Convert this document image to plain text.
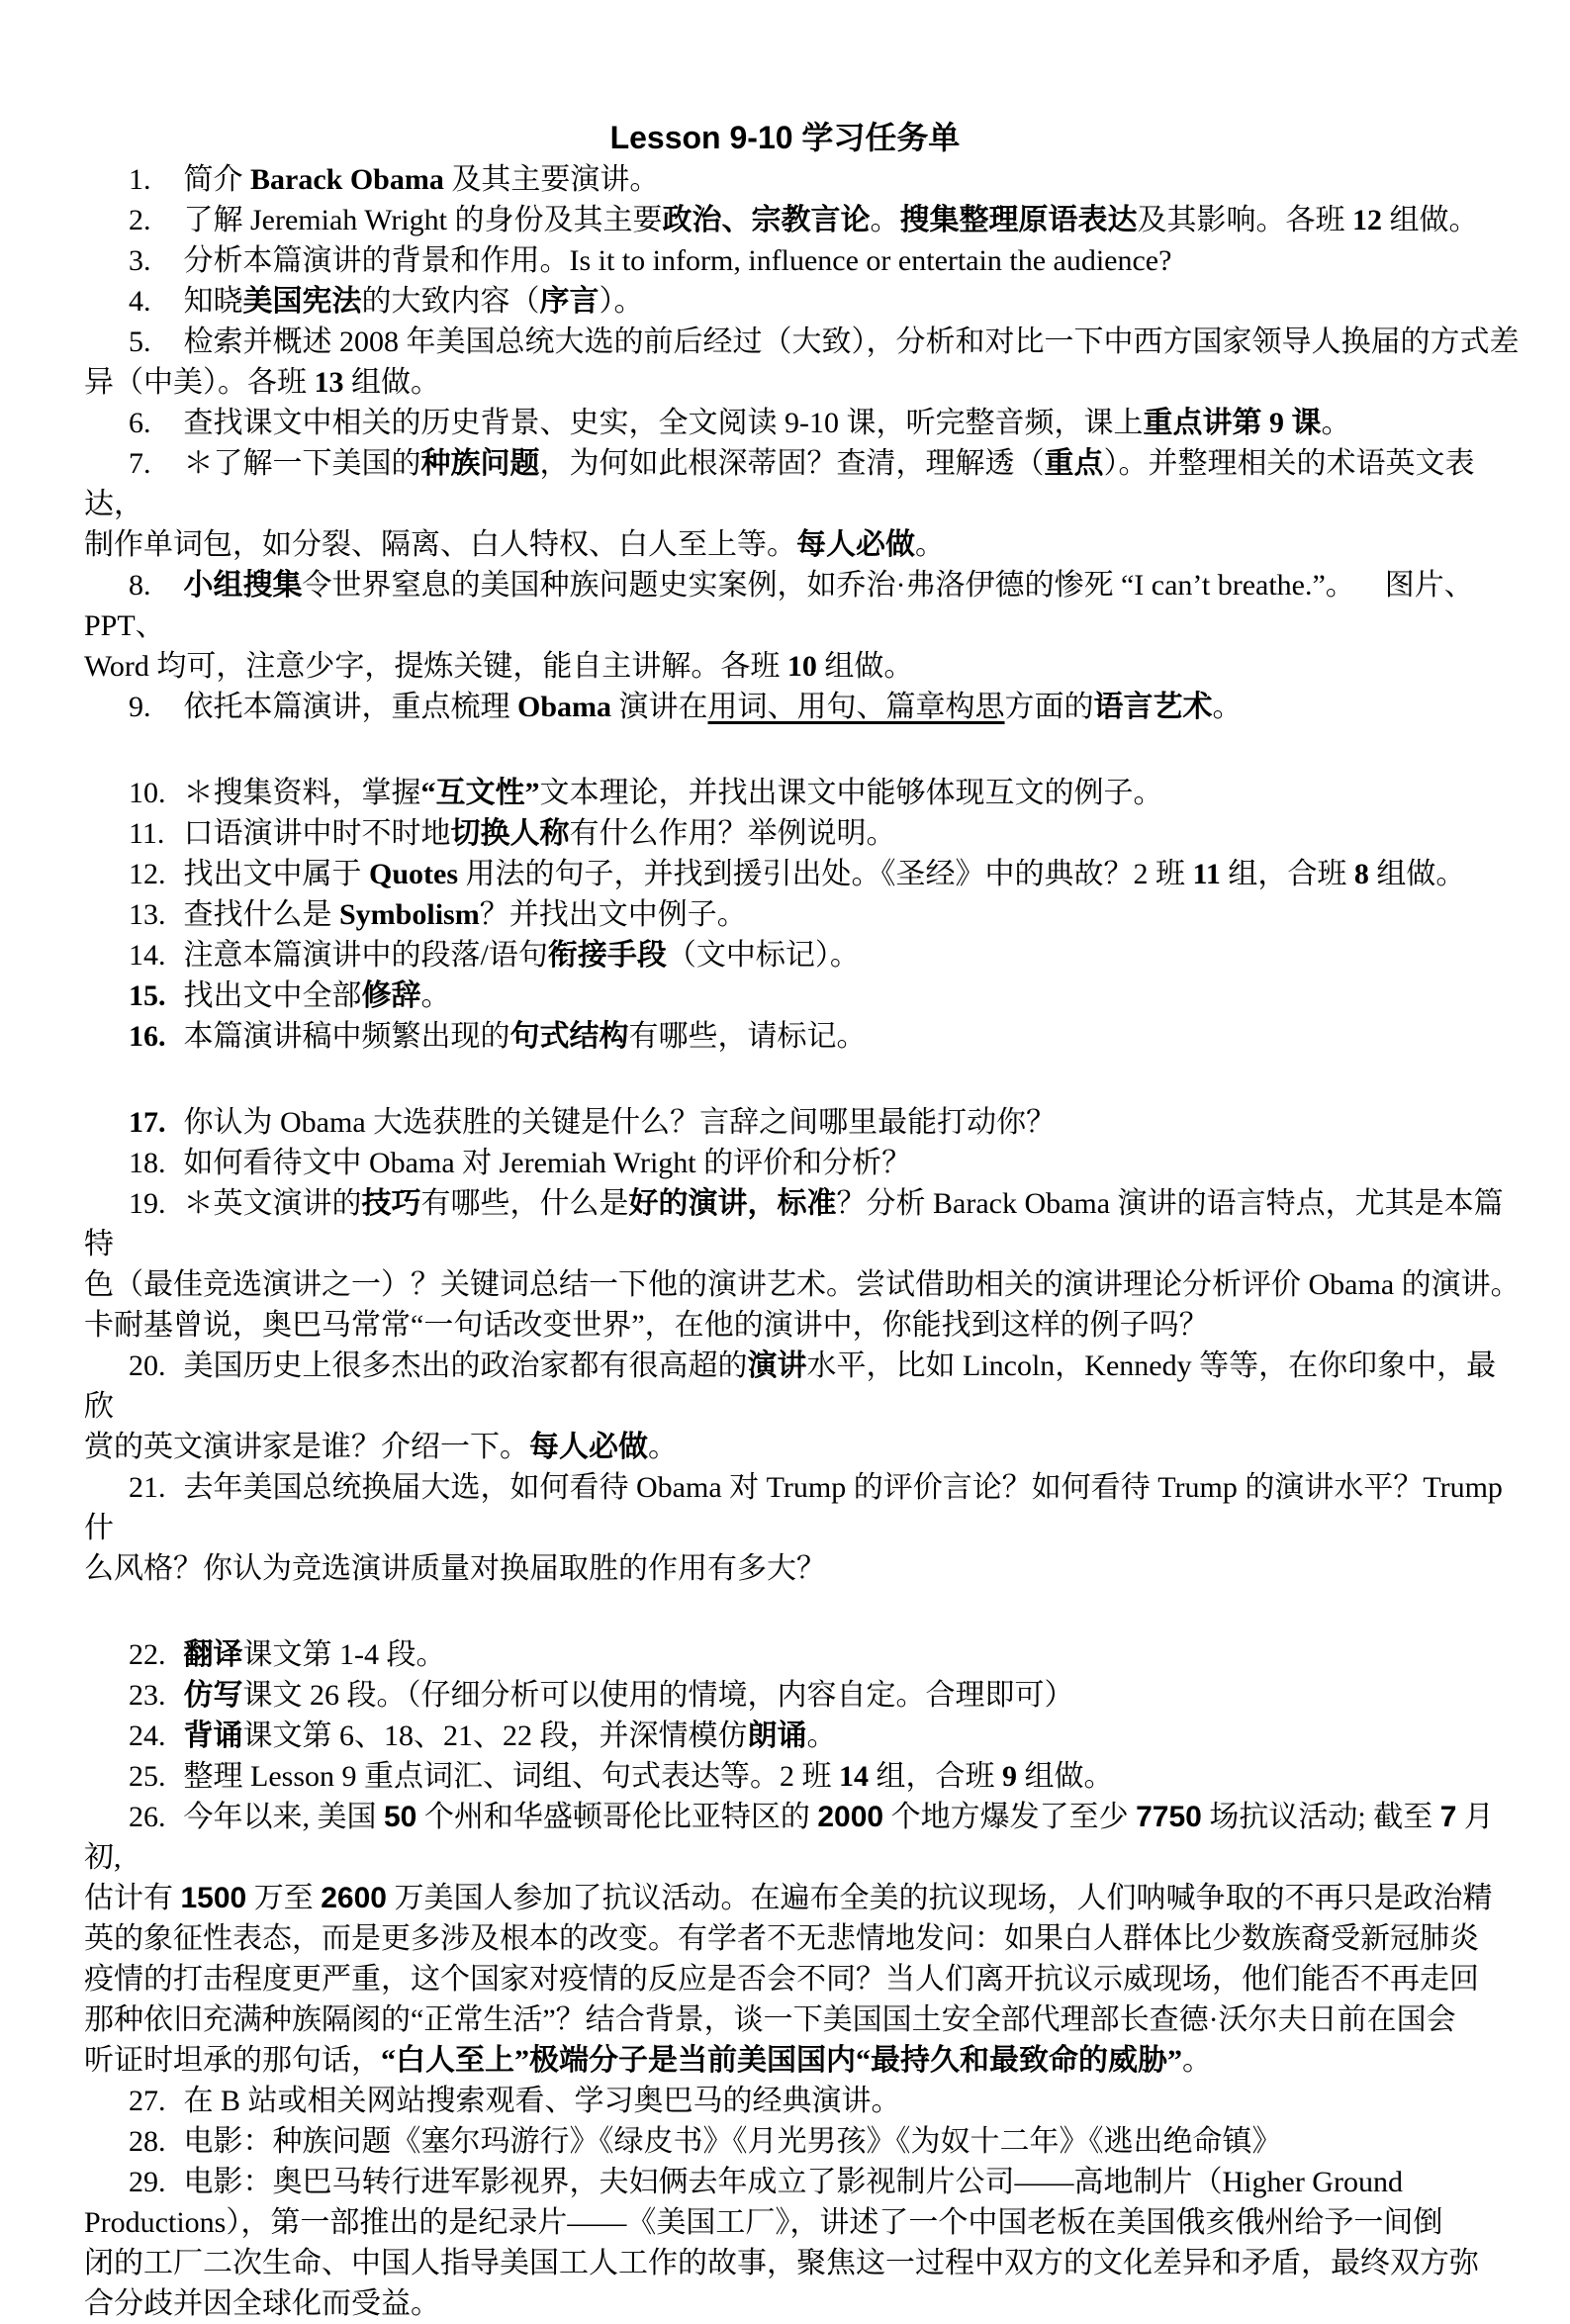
Lesson 9-10 学习任务单
1. 简介 Barack Obama 及其主要演讲。
2. 了解 Jeremiah Wright 的身份及其主要政治、宗教言论。搜集整理原语表达及其影响。各班 12 组做。
3. 分析本篇演讲的背景和作用。Is it to inform, influence or entertain the audience?
4. 知晓美国宪法的大致内容（序言）。
5. 检索并概述 2008 年美国总统大选的前后经过（大致），分析和对比一下中西方国家领导人换届的方式差
异（中美）。各班 13 组做。
6. 查找课文中相关的历史背景、史实，全文阅读 9-10 课，听完整音频，课上重点讲第 9 课。
7. ＊了解一下美国的种族问题，为何如此根深蒂固？查清，理解透（重点）。并整理相关的术语英文表达，
制作单词包，如分裂、隔离、白人特权、白人至上等。每人必做。
8. 小组搜集令世界窒息的美国种族问题史实案例，如乔治·弗洛伊德的惨死 “I can’t breathe.”。 图片、PPT、
Word 均可，注意少字，提炼关键，能自主讲解。各班 10 组做。
9. 依托本篇演讲，重点梳理 Obama 演讲在用词、用句、篇章构思方面的语言艺术。
10. ＊搜集资料，掌握“互文性”文本理论，并找出课文中能够体现互文的例子。
11. 口语演讲中时不时地切换人称有什么作用？举例说明。
12. 找出文中属于 Quotes 用法的句子，并找到援引出处。《圣经》中的典故？2 班 11 组，合班 8 组做。
13. 查找什么是 Symbolism？并找出文中例子。
14. 注意本篇演讲中的段落/语句衔接手段（文中标记）。
15. 找出文中全部修辞。
16. 本篇演讲稿中频繁出现的句式结构有哪些，请标记。
17. 你认为 Obama 大选获胜的关键是什么？言辞之间哪里最能打动你？
18. 如何看待文中 Obama 对 Jeremiah Wright 的评价和分析？
19. ＊英文演讲的技巧有哪些，什么是好的演讲，标准？分析 Barack Obama 演讲的语言特点，尤其是本篇特
色（最佳竞选演讲之一）？关键词总结一下他的演讲艺术。尝试借助相关的演讲理论分析评价 Obama 的演讲。
卡耐基曾说，奥巴马常常“一句话改变世界”，在他的演讲中，你能找到这样的例子吗？
20. 美国历史上很多杰出的政治家都有很高超的演讲水平，比如 Lincoln，Kennedy 等等，在你印象中，最欣
赏的英文演讲家是谁？介绍一下。每人必做。
21. 去年美国总统换届大选，如何看待 Obama 对 Trump 的评价言论？如何看待 Trump 的演讲水平？Trump 什
么风格？你认为竞选演讲质量对换届取胜的作用有多大？
22. 翻译课文第 1-4 段。
23. 仿写课文 26 段。（仔细分析可以使用的情境，内容自定。合理即可）
24. 背诵课文第 6、18、21、22 段，并深情模仿朗诵。
25. 整理 Lesson 9 重点词汇、词组、句式表达等。2 班 14 组，合班 9 组做。
26. 今年以来, 美国 50 个州和华盛顿哥伦比亚特区的 2000 个地方爆发了至少 7750 场抗议活动; 截至 7 月初,
估计有 1500 万至 2600 万美国人参加了抗议活动。在遍布全美的抗议现场，人们呐喊争取的不再只是政治精
英的象征性表态，而是更多涉及根本的改变。有学者不无悲情地发问：如果白人群体比少数族裔受新冠肺炎
疫情的打击程度更严重，这个国家对疫情的反应是否会不同？当人们离开抗议示威现场，他们能否不再走回
那种依旧充满种族隔阂的“正常生活”？结合背景，谈一下美国国土安全部代理部长查德·沃尔夫日前在国会
听证时坦承的那句话，“白人至上”极端分子是当前美国国内“最持久和最致命的威胁”。
27. 在 B 站或相关网站搜索观看、学习奥巴马的经典演讲。
28. 电影：种族问题《塞尔玛游行》《绿皮书》《月光男孩》《为奴十二年》《逃出绝命镇》
29. 电影：奥巴马转行进军影视界，夫妇俩去年成立了影视制片公司——高地制片（Higher Ground
Productions），第一部推出的是纪录片——《美国工厂》，讲述了一个中国老板在美国俄亥俄州给予一间倒
闭的工厂二次生命、中国人指导美国工人工作的故事，聚焦这一过程中双方的文化差异和矛盾，最终双方弥
合分歧并因全球化而受益。
